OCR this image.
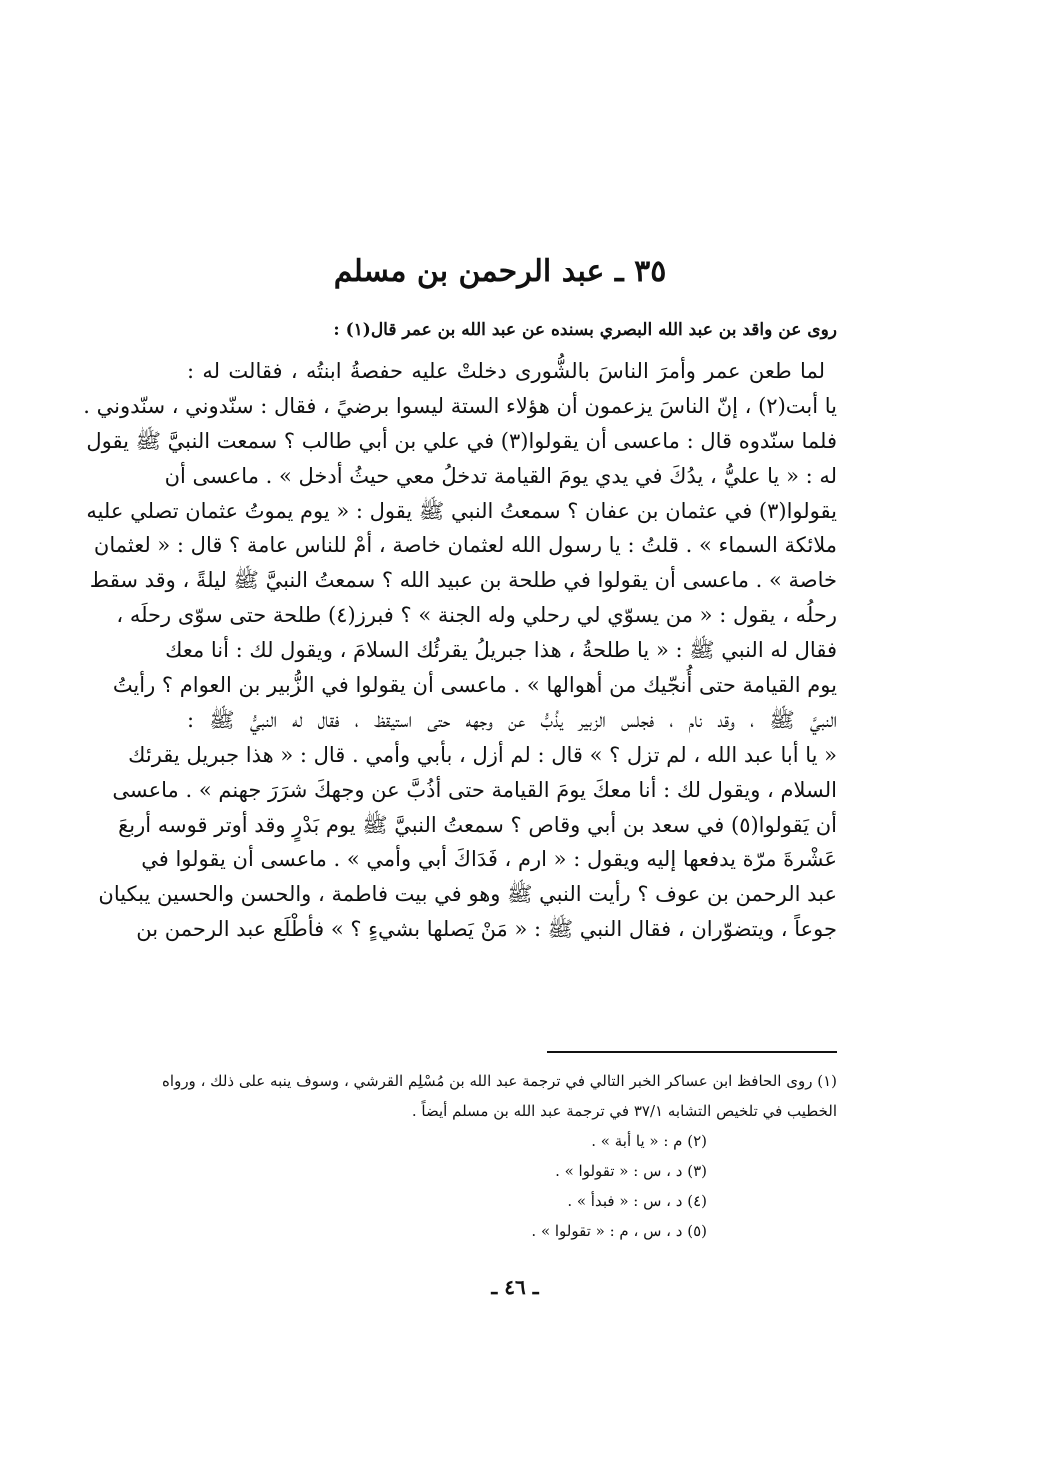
٣٥ ـ عبد الرحمن بن مسلم

روى عن واقد بن عبد الله البصري بسنده عن عبد الله بن عمر قال(١) :

لما طعن عمر وأمرَ الناسَ بالشُّورى دخلتْ عليه حفصةُ ابنتُه ، فقالت له :
يا أبت(٢) ، إنّ الناسَ يزعمون أن هؤلاء الستة ليسوا برضيً ، فقال : سنّدوني ، سنّدوني .
فلما سنّدوه قال : ماعسى أن يقولوا(٣) في علي بن أبي طالب ؟ سمعت النبيَّ ﷺ يقول
له : « يا عليُّ ، يدُكَ في يدي يومَ القيامة تدخلُ معي حيثُ أدخل » . ماعسى أن
يقولوا(٣) في عثمان بن عفان ؟ سمعتُ النبي ﷺ يقول : « يوم يموتُ عثمان تصلي عليه
ملائكة السماء » . قلتُ : يا رسول الله لعثمان خاصة ، أمْ للناس عامة ؟ قال : « لعثمان
خاصة » . ماعسى أن يقولوا في طلحة بن عبيد الله ؟ سمعتُ النبيَّ ﷺ ليلةً ، وقد سقط
رحلُه ، يقول : « من يسوّي لي رحلي وله الجنة » ؟ فبرز(٤) طلحة حتى سوّى رحلَه ،
فقال له النبي ﷺ : « يا طلحةُ ، هذا جبريلُ يقرئُك السلامَ ، ويقول لك : أنا معك
يوم القيامة حتى أُنجّيك من أهوالها » . ماعسى أن يقولوا في الزُّبير بن العوام ؟ رأيتُ
النبيَّ ﷺ ، وقد نام ، فجلس الزبير يذُبُّ عن وجهه حتى استيقظ ، فقال له النبيُّ ﷺ :
« يا أبا عبد الله ، لم تزل ؟ » قال : لم أزل ، بأبي وأمي . قال : « هذا جبريل يقرئك
السلام ، ويقول لك : أنا معكَ يومَ القيامة حتى أذُبَّ عن وجهكَ شرَرَ جهنم » . ماعسى
أن يَقولوا(٥) في سعد بن أبي وقاص ؟ سمعتُ النبيَّ ﷺ يوم بَدْرٍ وقد أوتر قوسه أربعَ
عَشْرةَ مرّة يدفعها إليه ويقول : « ارم ، فَدَاكَ أبي وأمي » . ماعسى أن يقولوا في
عبد الرحمن بن عوف ؟ رأيت النبي ﷺ وهو في بيت فاطمة ، والحسن والحسين يبكيان
جوعاً ، ويتضوّران ، فقال النبي ﷺ : « مَنْ يَصلها بشيءٍ ؟ » فأطْلَع عبد الرحمن بن
(١) روى الحافظ ابن عساكر الخبر التالي في ترجمة عبد الله بن مُسْلِم القرشي ، وسوف ينبه على ذلك ، ورواه
الخطيب في تلخيص التشابه ٣٧/١ في ترجمة عبد الله بن مسلم أيضاً .
(٢) م : « يا أبة » .
(٣) د ، س : « تقولوا » .
(٤) د ، س : « فبدأ » .
(٥) د ، س ، م : « تقولوا » .
ـ ٤٦ ـ
